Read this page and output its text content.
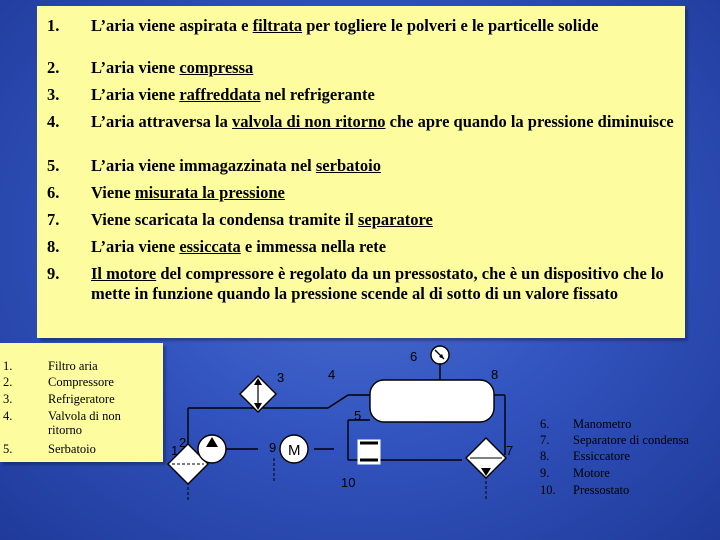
1. L’aria viene aspirata e filtrata per togliere le polveri e le particelle solide
2. L’aria viene compressa
3. L’aria viene raffreddata nel refrigerante
4. L’aria attraversa la valvola di non ritorno che apre quando la pressione diminuisce
5. L’aria viene immagazzinata nel serbatoio
6. Viene misurata la pressione
7. Viene scaricata la condensa tramite il separatore
8. L’aria viene essiccata e immessa nella rete
9. Il motore del compressore è regolato da un pressostato, che è un dispositivo che lo mette in funzione quando la pressione scende al di sotto di un valore fissato
1.	Filtro aria
2.	Compressore
3.	Refrigeratore
4.	Valvola di non ritorno
5.	Serbatoio	M
1
2
3	4
5
6
7
8
9
10
6. Manometro
7. Separatore di condensa
8. Essiccatore
9. Motore
10. Pressostato
